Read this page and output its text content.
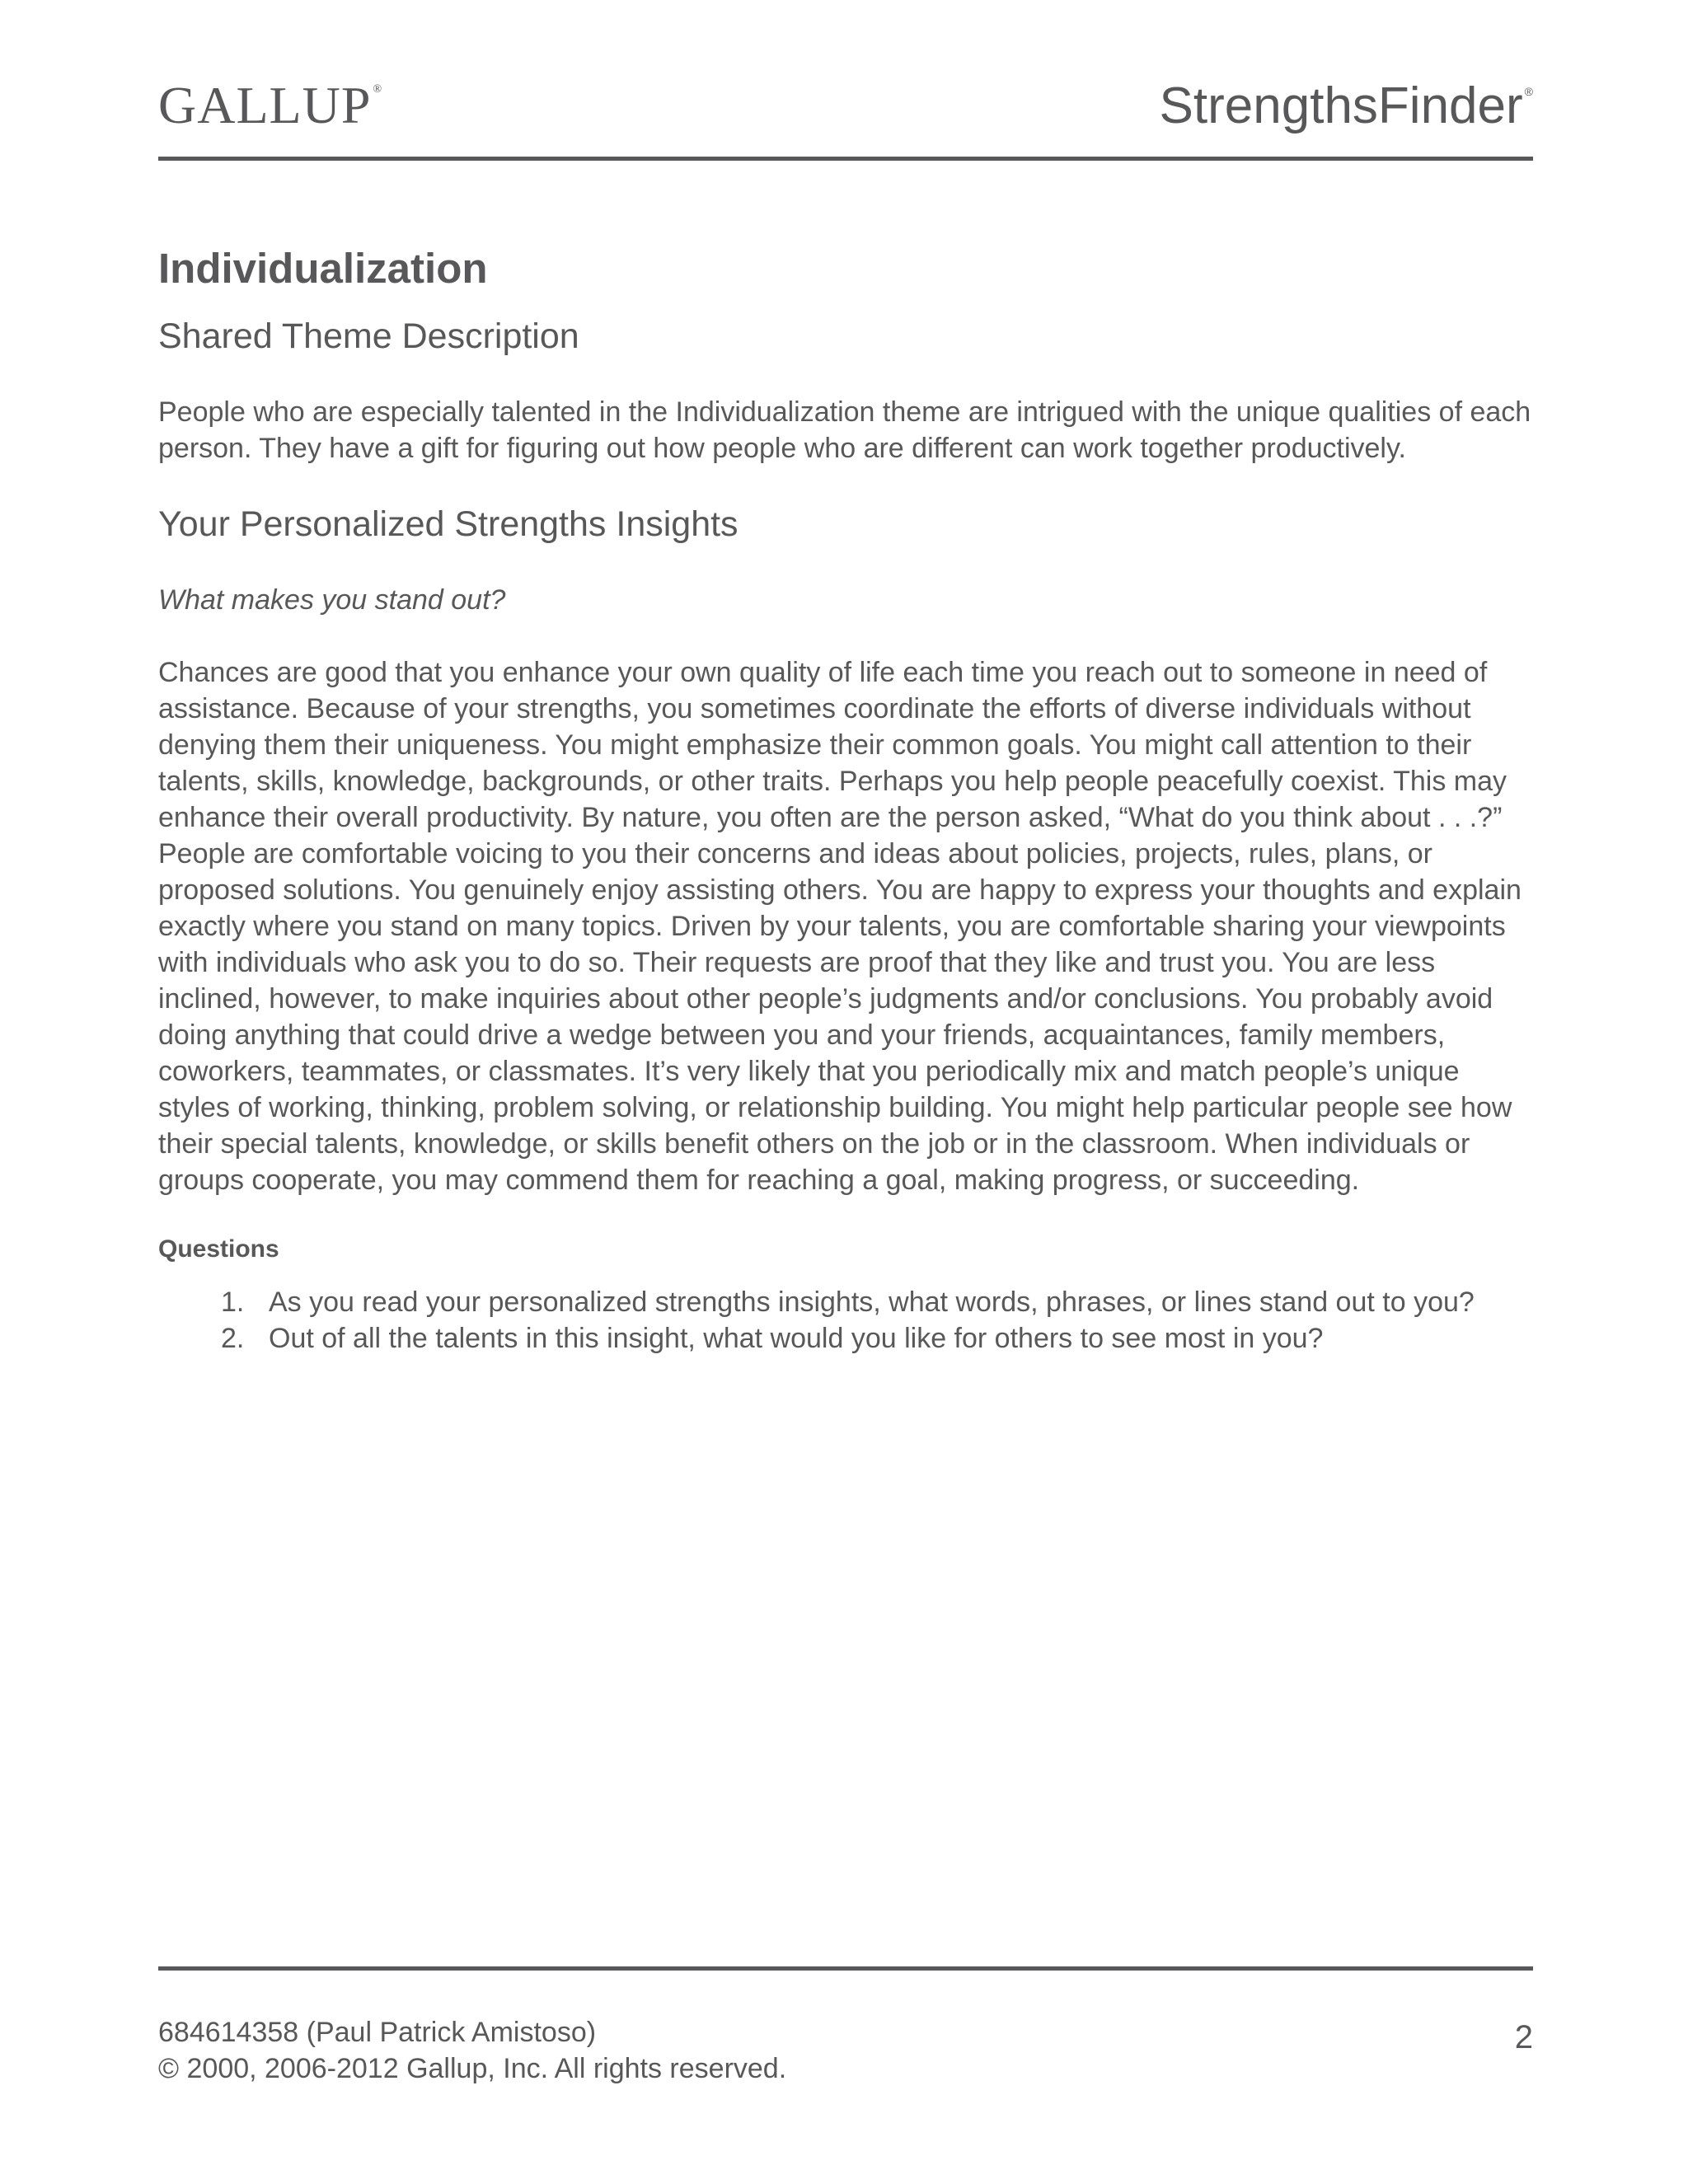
GALLUP ®	StrengthsFinder ®
Individualization
Shared Theme Description

People who are especially talented in the Individualization theme are intrigued with the unique qualities of each person. They have a gift for figuring out how people who are different can work together productively.

Your Personalized Strengths Insights

What makes you stand out?

Chances are good that you enhance your own quality of life each time you reach out to someone in need of assistance. Because of your strengths, you sometimes coordinate the efforts of diverse individuals without denying them their uniqueness. You might emphasize their common goals. You might call attention to their talents, skills, knowledge, backgrounds, or other traits. Perhaps you help people peacefully coexist. This may enhance their overall productivity. By nature, you often are the person asked, “What do you think about . . .?” People are comfortable voicing to you their concerns and ideas about policies, projects, rules, plans, or proposed solutions. You genuinely enjoy assisting others. You are happy to express your thoughts and explain exactly where you stand on many topics. Driven by your talents, you are comfortable sharing your viewpoints with individuals who ask you to do so. Their requests are proof that they like and trust you. You are less inclined, however, to make inquiries about other people’s judgments and/or conclusions. You probably avoid doing anything that could drive a wedge between you and your friends, acquaintances, family members, coworkers, teammates, or classmates. It’s very likely that you periodically mix and match people’s unique styles of working, thinking, problem solving, or relationship building. You might help particular people see how their special talents, knowledge, or skills benefit others on the job or in the classroom. When individuals or groups cooperate, you may commend them for reaching a goal, making progress, or succeeding.

Questions

1. As you read your personalized strengths insights, what words, phrases, or lines stand out to you?
2. Out of all the talents in this insight, what would you like for others to see most in you?
684614358 (Paul Patrick Amistoso)
© 2000, 2006-2012 Gallup, Inc. All rights reserved.
2
